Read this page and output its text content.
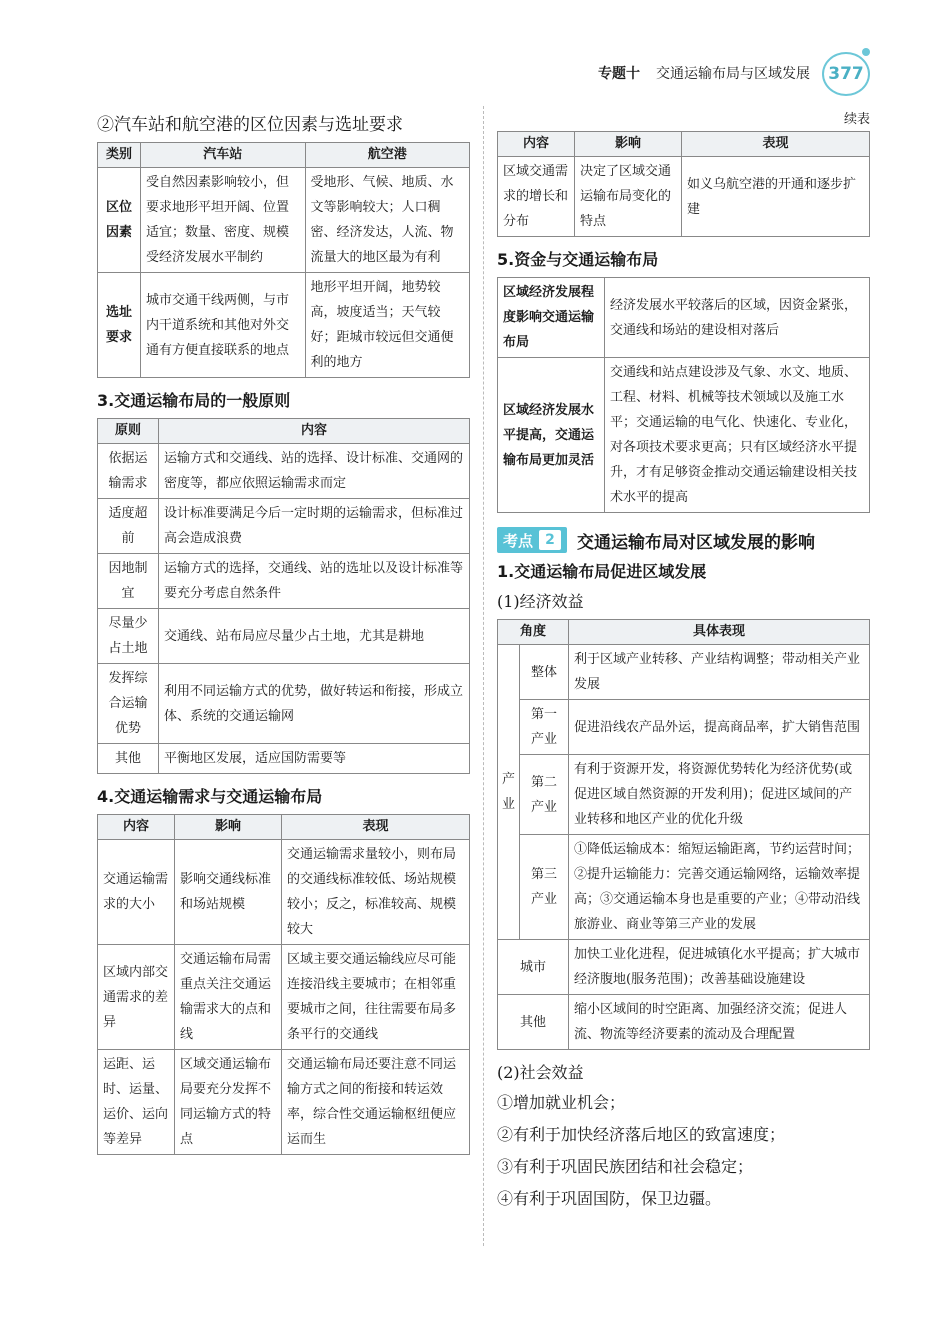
专题十 交通运输布局与区域发展	377
②汽车站和航空港的区位因素与选址要求
类别	汽车站	航空港
区位因素	受自然因素影响较小，但要求地形平坦开阔、位置适宜；数量、密度、规模受经济发展水平制约	受地形、气候、地质、水文等影响较大；人口稠密、经济发达，人流、物流量大的地区最为有利
选址要求	城市交通干线两侧，与市内干道系统和其他对外交通有方便直接联系的地点	地形平坦开阔，地势较高，坡度适当；天气较好；距城市较远但交通便利的地方
3.交通运输布局的一般原则
原则	内容
依据运输需求	运输方式和交通线、站的选择、设计标准、交通网的密度等，都应依照运输需求而定
适度超前	设计标准要满足今后一定时期的运输需求，但标准过高会造成浪费
因地制宜	运输方式的选择，交通线、站的选址以及设计标准等要充分考虑自然条件
尽量少占土地	交通线、站布局应尽量少占土地，尤其是耕地
发挥综合运输优势	利用不同运输方式的优势，做好转运和衔接，形成立体、系统的交通运输网
其他	平衡地区发展，适应国防需要等
4.交通运输需求与交通运输布局
内容	影响	表现
交通运输需求的大小	影响交通线标准和场站规模	交通运输需求量较小，则布局的交通线标准较低、场站规模较小；反之，标准较高、规模较大
区域内部交通需求的差异	交通运输布局需重点关注交通运输需求大的点和线	区域主要交通运输线应尽可能连接沿线主要城市；在相邻重要城市之间，往往需要布局多条平行的交通线
运距、运时、运量、运价、运向等差异	区域交通运输布局要充分发挥不同运输方式的特点	交通运输布局还要注意不同运输方式之间的衔接和转运效率，综合性交通运输枢纽便应运而生
续表
内容	影响	表现
区域交通需求的增长和分布	决定了区域交通运输布局变化的特点	如义乌航空港的开通和逐步扩建
5.资金与交通运输布局
区域经济发展程度影响交通运输布局	经济发展水平较落后的区域，因资金紧张，交通线和场站的建设相对落后
区域经济发展水平提高，交通运输布局更加灵活	交通线和站点建设涉及气象、水文、地质、工程、材料、机械等技术领域以及施工水平；交通运输的电气化、快速化、专业化，对各项技术要求更高；只有区域经济水平提升，才有足够资金推动交通运输建设相关技术水平的提高
考点 2	交通运输布局对区域发展的影响
1.交通运输布局促进区域发展
(1)经济效益
角度		具体表现
产业	整体	利于区域产业转移、产业结构调整；带动相关产业发展
	第一产业	促进沿线农产品外运，提高商品率，扩大销售范围
	第二产业	有利于资源开发，将资源优势转化为经济优势(或促进区域自然资源的开发利用)；促进区域间的产业转移和地区产业的优化升级
	第三产业	①降低运输成本：缩短运输距离，节约运营时间；②提升运输能力：完善交通运输网络，运输效率提高；③交通运输本身也是重要的产业；④带动沿线旅游业、商业等第三产业的发展
城市		加快工业化进程，促进城镇化水平提高；扩大城市经济腹地(服务范围)；改善基础设施建设
其他		缩小区域间的时空距离、加强经济交流；促进人流、物流等经济要素的流动及合理配置
(2)社会效益
①增加就业机会；
②有利于加快经济落后地区的致富速度；
③有利于巩固民族团结和社会稳定；
④有利于巩固国防，保卫边疆。
